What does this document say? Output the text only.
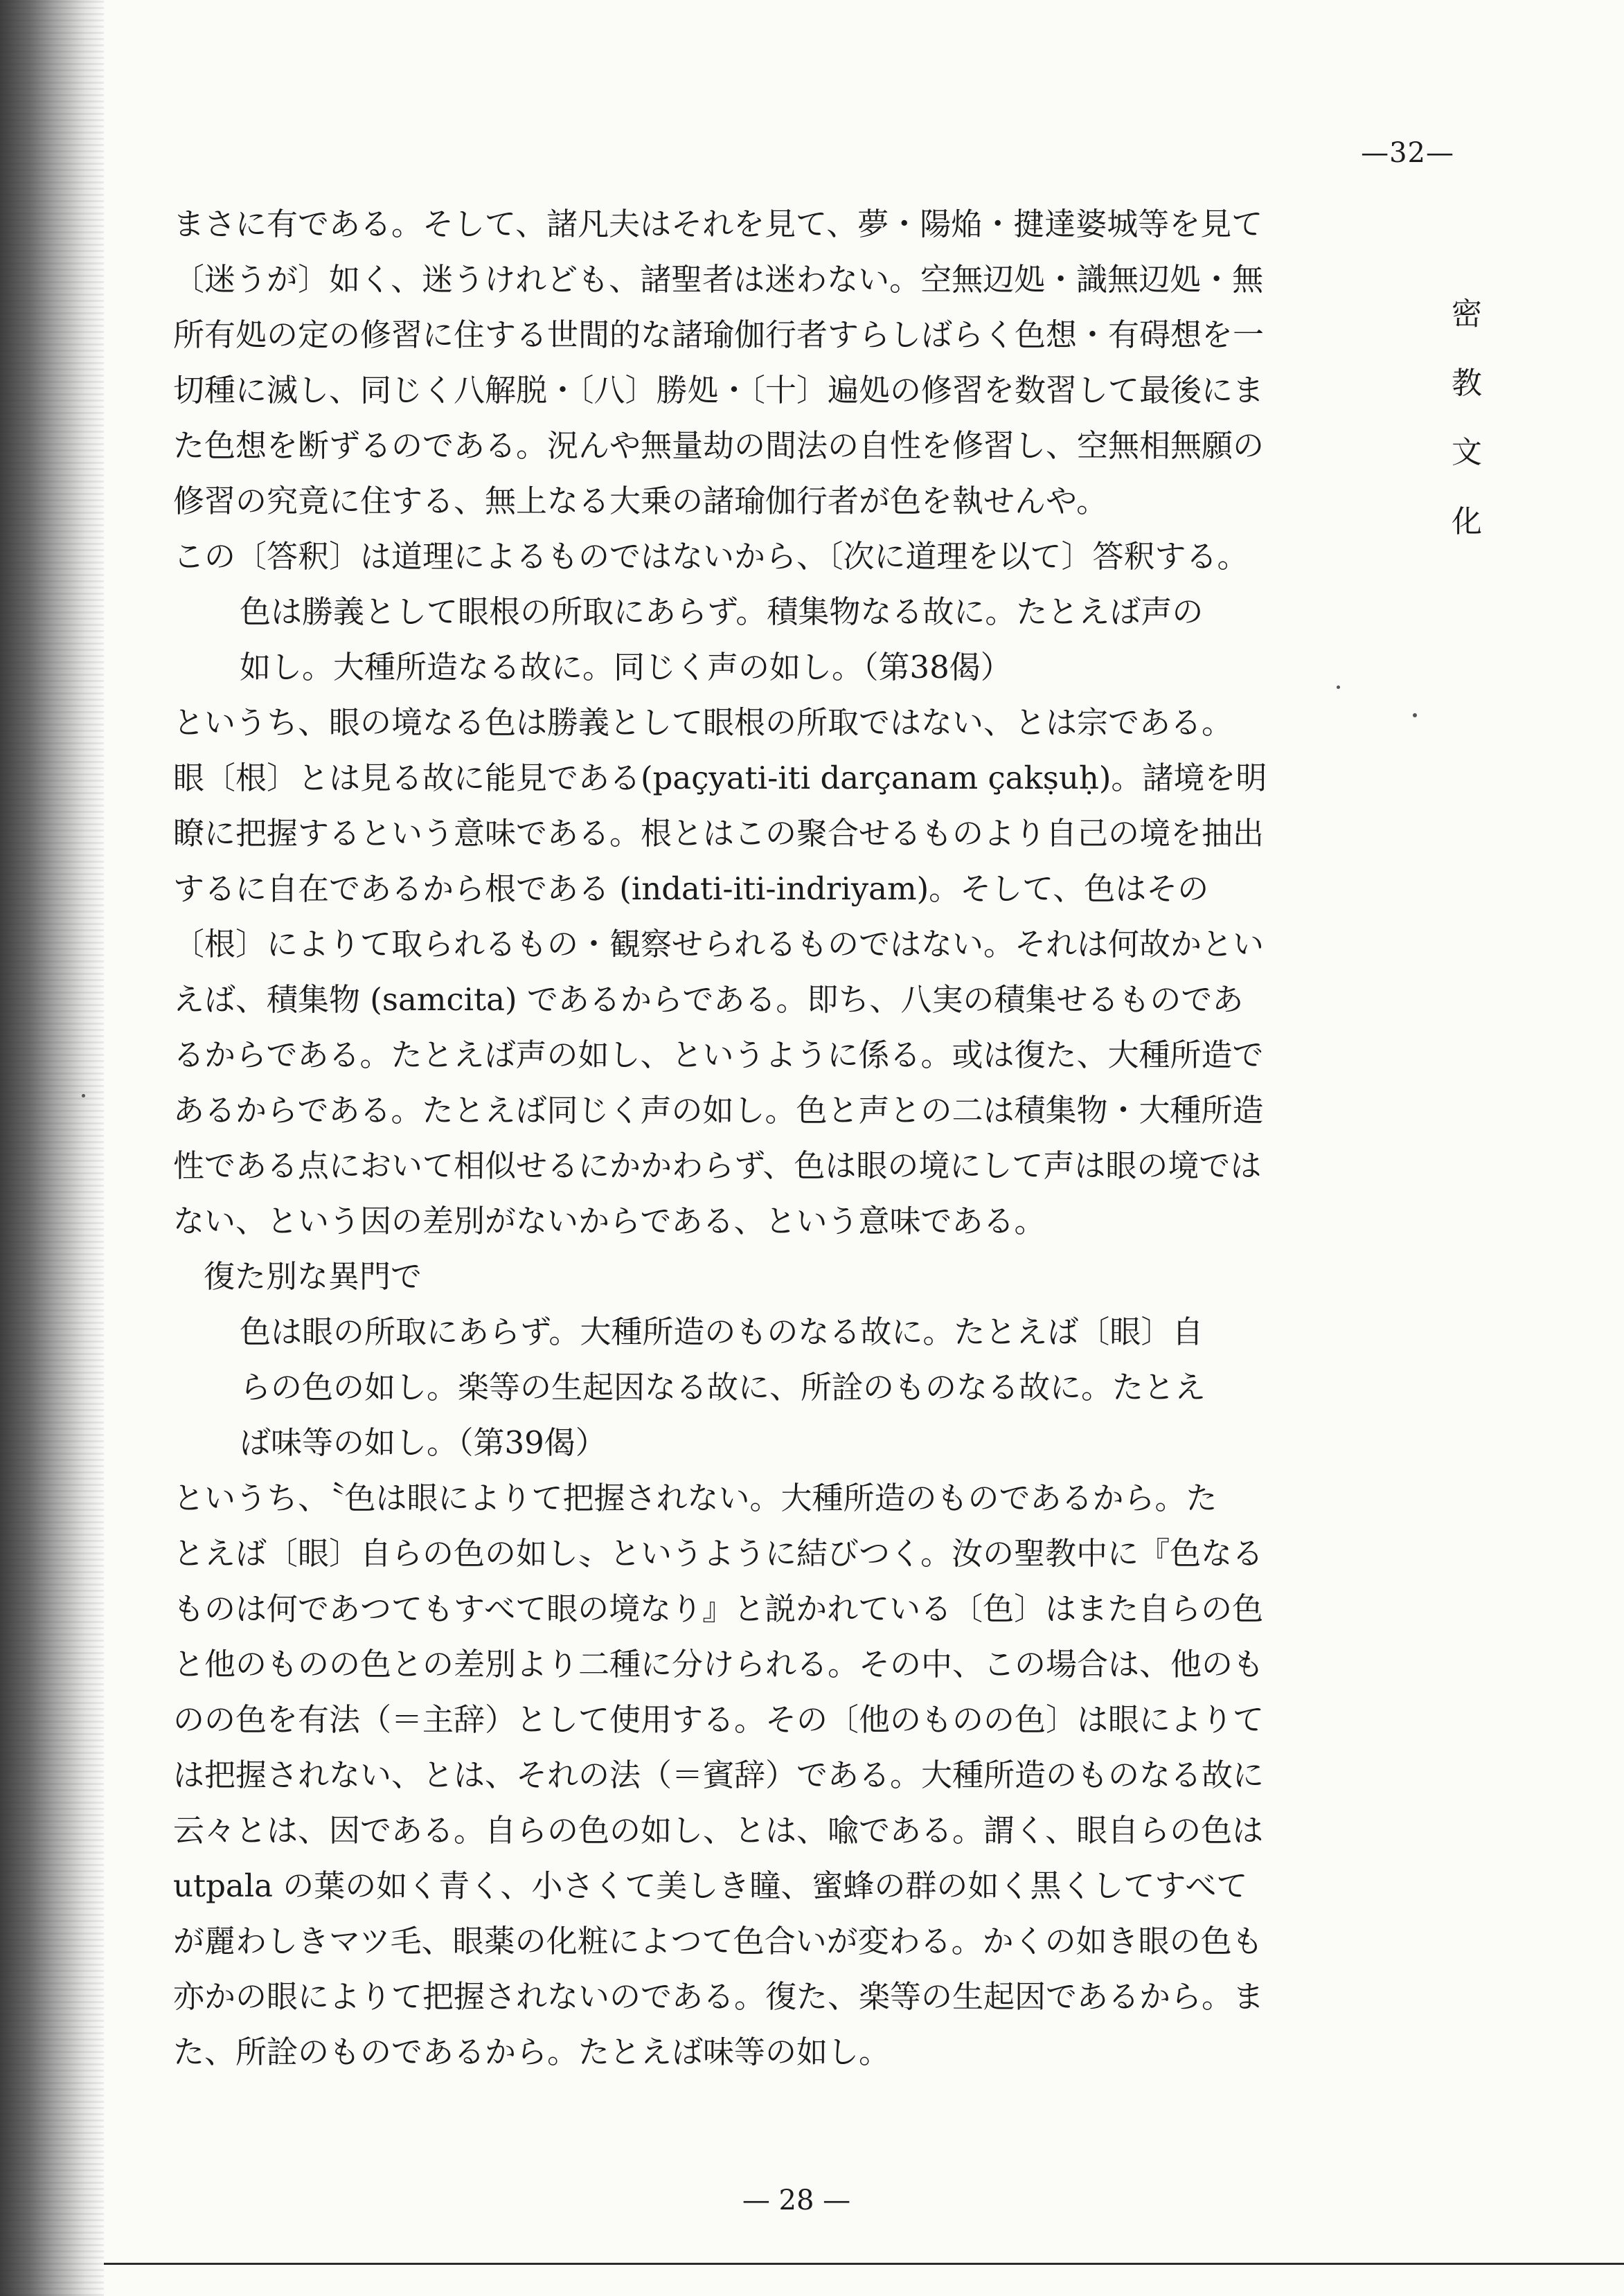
—32—
密
教
文
化
まさに有である。そして、諸凡夫はそれを見て、夢・陽焔・揵達婆城等を見て
〔迷うが〕如く、迷うけれども、諸聖者は迷わない。空無辺処・識無辺処・無
所有処の定の修習に住する世間的な諸瑜伽行者すらしばらく色想・有碍想を一
切種に滅し、同じく八解脱・〔八〕勝処・〔十〕遍処の修習を数習して最後にま
た色想を断ずるのである。況んや無量劫の間法の自性を修習し、空無相無願の
修習の究竟に住する、無上なる大乗の諸瑜伽行者が色を執せんや。
この〔答釈〕は道理によるものではないから、〔次に道理を以て〕答釈する。
色は勝義として眼根の所取にあらず。積集物なる故に。たとえば声の
如し。大種所造なる故に。同じく声の如し。（第38偈）
というち、眼の境なる色は勝義として眼根の所取ではない、とは宗である。
眼〔根〕とは見る故に能見である(paçyati-iti darçanam çakṣuḥ)。諸境を明
瞭に把握するという意味である。根とはこの聚合せるものより自己の境を抽出
するに自在であるから根である (indati-iti-indriyam)。そして、色はその
〔根〕によりて取られるもの・観察せられるものではない。それは何故かとい
えば、積集物 (samcita) であるからである。即ち、八実の積集せるものであ
るからである。たとえば声の如し、というように係る。或は復た、大種所造で
あるからである。たとえば同じく声の如し。色と声との二は積集物・大種所造
性である点において相似せるにかかわらず、色は眼の境にして声は眼の境では
ない、という因の差別がないからである、という意味である。
復た別な異門で
色は眼の所取にあらず。大種所造のものなる故に。たとえば〔眼〕自
らの色の如し。楽等の生起因なる故に、所詮のものなる故に。たとえ
ば味等の如し。（第39偈）
というち、〝色は眼によりて把握されない。大種所造のものであるから。た
とえば〔眼〕自らの色の如し〟というように結びつく。汝の聖教中に『色なる
ものは何であつてもすべて眼の境なり』と説かれている〔色〕はまた自らの色
と他のものの色との差別より二種に分けられる。その中、この場合は、他のも
のの色を有法（＝主辞）として使用する。その〔他のものの色〕は眼によりて
は把握されない、とは、それの法（＝賓辞）である。大種所造のものなる故に
云々とは、因である。自らの色の如し、とは、喩である。謂く、眼自らの色は
utpala の葉の如く青く、小さくて美しき瞳、蜜蜂の群の如く黒くしてすべて
が麗わしきマツ毛、眼薬の化粧によつて色合いが変わる。かくの如き眼の色も
亦かの眼によりて把握されないのである。復た、楽等の生起因であるから。ま
た、所詮のものであるから。たとえば味等の如し。
— 28 —
